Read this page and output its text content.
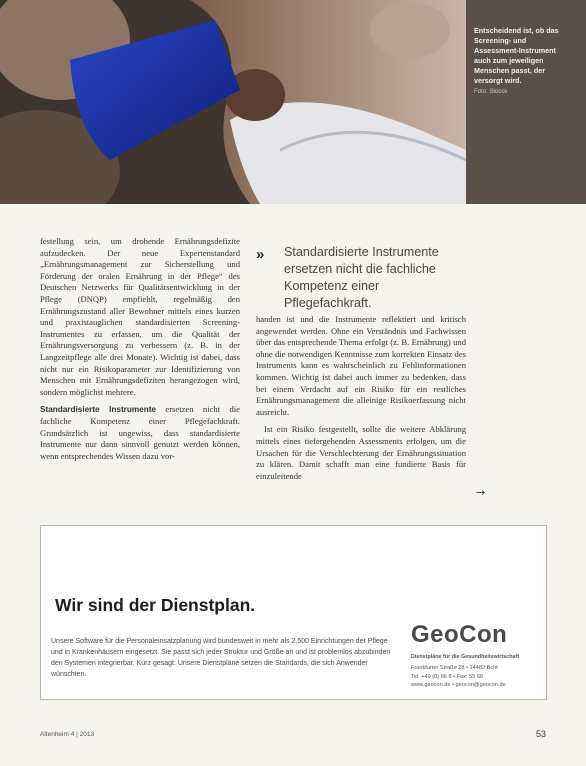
Entscheidend ist, ob das Screening- und Assessment-Instrument auch zum jeweiligen Menschen passt, der versorgt wird.
Foto: Stocck

festellung sein, um drohende Ernährungsdefizite aufzudecken. Der neue Expertenstandard „Ernährungsmanagement zur Sicherstellung und Förderung der oralen Ernährung in der Pflege“ des Deutschen Netzwerks für Qualitätsentwicklung in der Pflege (DNQP) empfiehlt, regelmäßig den Ernährungszustand aller Bewohner mittels eines kurzen und praxistauglichen standardisierten Screening-Instrumentes zu erfassen, um die Qualität der Ernährungsversorgung zu verbessern (z. B. in der Langzeitpflege alle drei Monate). Wichtig ist dabei, dass nicht nur ein Risikoparameter zur Identifizierung von Menschen mit Ernährungsdefiziten herangezogen wird, sondern möglichst mehrere.

Standardisierte Instrumente ersetzen nicht die fachliche Kompetenz einer Pflegefachkraft. Grundsätzlich ist ungewiss, dass standardisierte Instrumente nur dann sinnvoll genutzt werden können, wenn entsprechendes Wissen dazu vor-

» Standardisierte Instrumente ersetzen nicht die fachliche Kompetenz einer Pflegefachkraft.

handen ist und die Instrumente reflektiert und kritisch angewendet werden. Ohne ein Verständnis und Fachwissen über das entsprechende Thema erfolgt (z. B. Ernährung) und ohne die notwendigen Kenntnisse zum korrekten Einsatz des Instruments kann es wahrscheinlich zu Fehlinformationen kommen. Wichtig ist dabei auch immer zu bedenken, dass bei einem Verdacht auf ein Risiko für ein restliches Ernährungsmanagement die alleinige Risikoerfassung nicht ausreicht.

Ist ein Risiko festgestellt, sollte die weitere Abklärung mittels eines tiefergehenden Assessments erfolgen, um die Ursachen für die Verschlechterung der Ernährungssituation zu klären. Damit schafft man eine fundierte Basis für einzuleitende

→
Wir sind der Dienstplan.
Unsere Software für die Personaleinsatzplanung wird bundesweit in mehr als 2.500 Einrichtungen der Pflege und in Krankenhäusern eingesetzt. Sie passt sich jeder Struktur und Größe an und ist problemlos abzubinden den Systemen integrierbar. Kurz gesagt: Unsere Dienstpläne setzen die Standards, die sich Anwender wünschten.
GeoCon
Dienstpläne für die Gesundheitswirtschaft
Frankfurter Straße 28 • 14482 Bcht
Tel. +49 (0) 66 8 • Fax: 55 66
www.geocon.de • geocon@geocon.de
Altenheim 4 | 2013	53
